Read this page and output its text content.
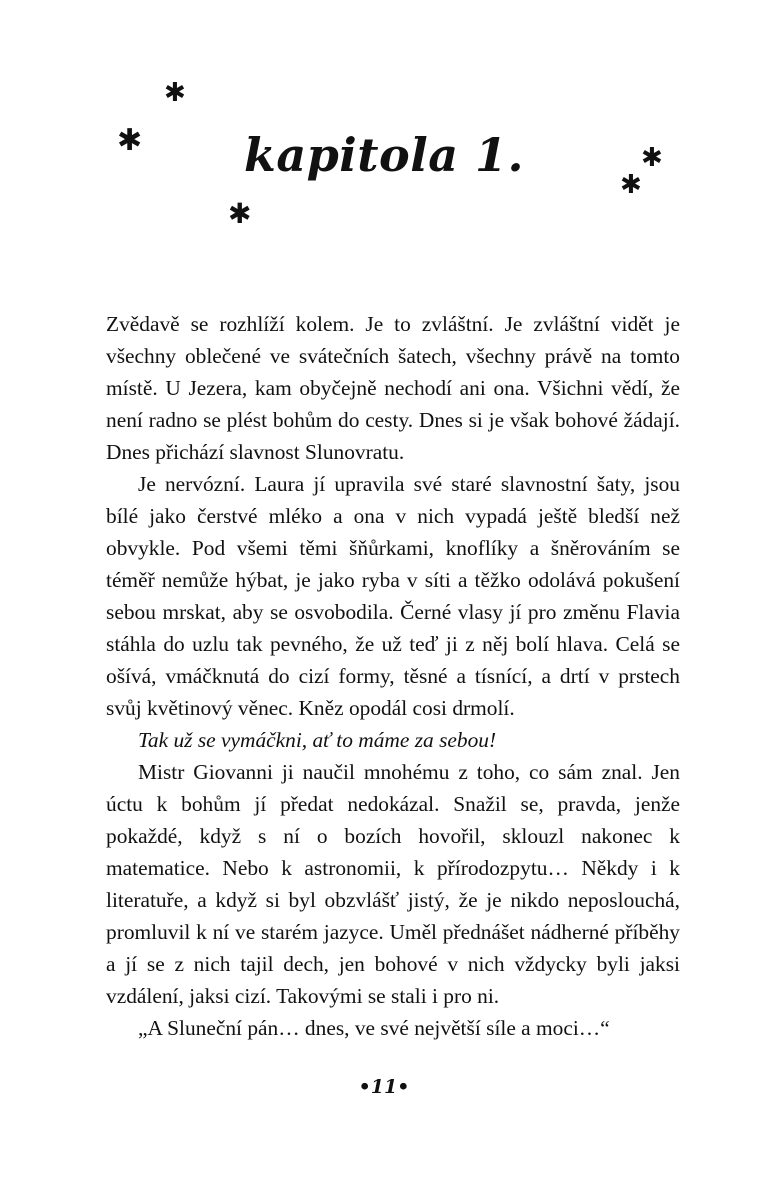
✱
✱
✱
✱
✱
kapitola 1.

Zvědavě se rozhlíží kolem. Je to zvláštní. Je zvláštní vidět je všechny oblečené ve svátečních šatech, všechny právě na tomto místě. U Jezera, kam obyčejně nechodí ani ona. Všichni vědí, že není radno se plést bohům do cesty. Dnes si je však bohové žádají. Dnes přichází slavnost Slunovratu.

Je nervózní. Laura jí upravila své staré slavnostní šaty, jsou bílé jako čerstvé mléko a ona v nich vypadá ještě bledší než obvykle. Pod všemi těmi šňůrkami, knoflíky a šněrováním se téměř nemůže hýbat, je jako ryba v síti a těžko odolává pokušení sebou mrskat, aby se osvobodila. Černé vlasy jí pro změnu Flavia stáhla do uzlu tak pevného, že už teď ji z něj bolí hlava. Celá se ošívá, vmáčknutá do cizí formy, těsné a tísnící, a drtí v prstech svůj květinový věnec. Kněz opodál cosi drmolí.

Tak už se vymáčkni, ať to máme za sebou!

Mistr Giovanni ji naučil mnohému z toho, co sám znal. Jen úctu k bohům jí předat nedokázal. Snažil se, pravda, jenže pokaždé, když s ní o bozích hovořil, sklouzl nakonec k matematice. Nebo k astronomii, k přírodozpytu… Někdy i k literatuře, a když si byl obzvlášť jistý, že je nikdo neposlouchá, promluvil k ní ve starém jazyce. Uměl přednášet nádherné příběhy a jí se z nich tajil dech, jen bohové v nich vždycky byli jaksi vzdálení, jaksi cizí. Takovými se stali i pro ni.

„A Sluneční pán… dnes, ve své největší síle a moci…“

•11•
